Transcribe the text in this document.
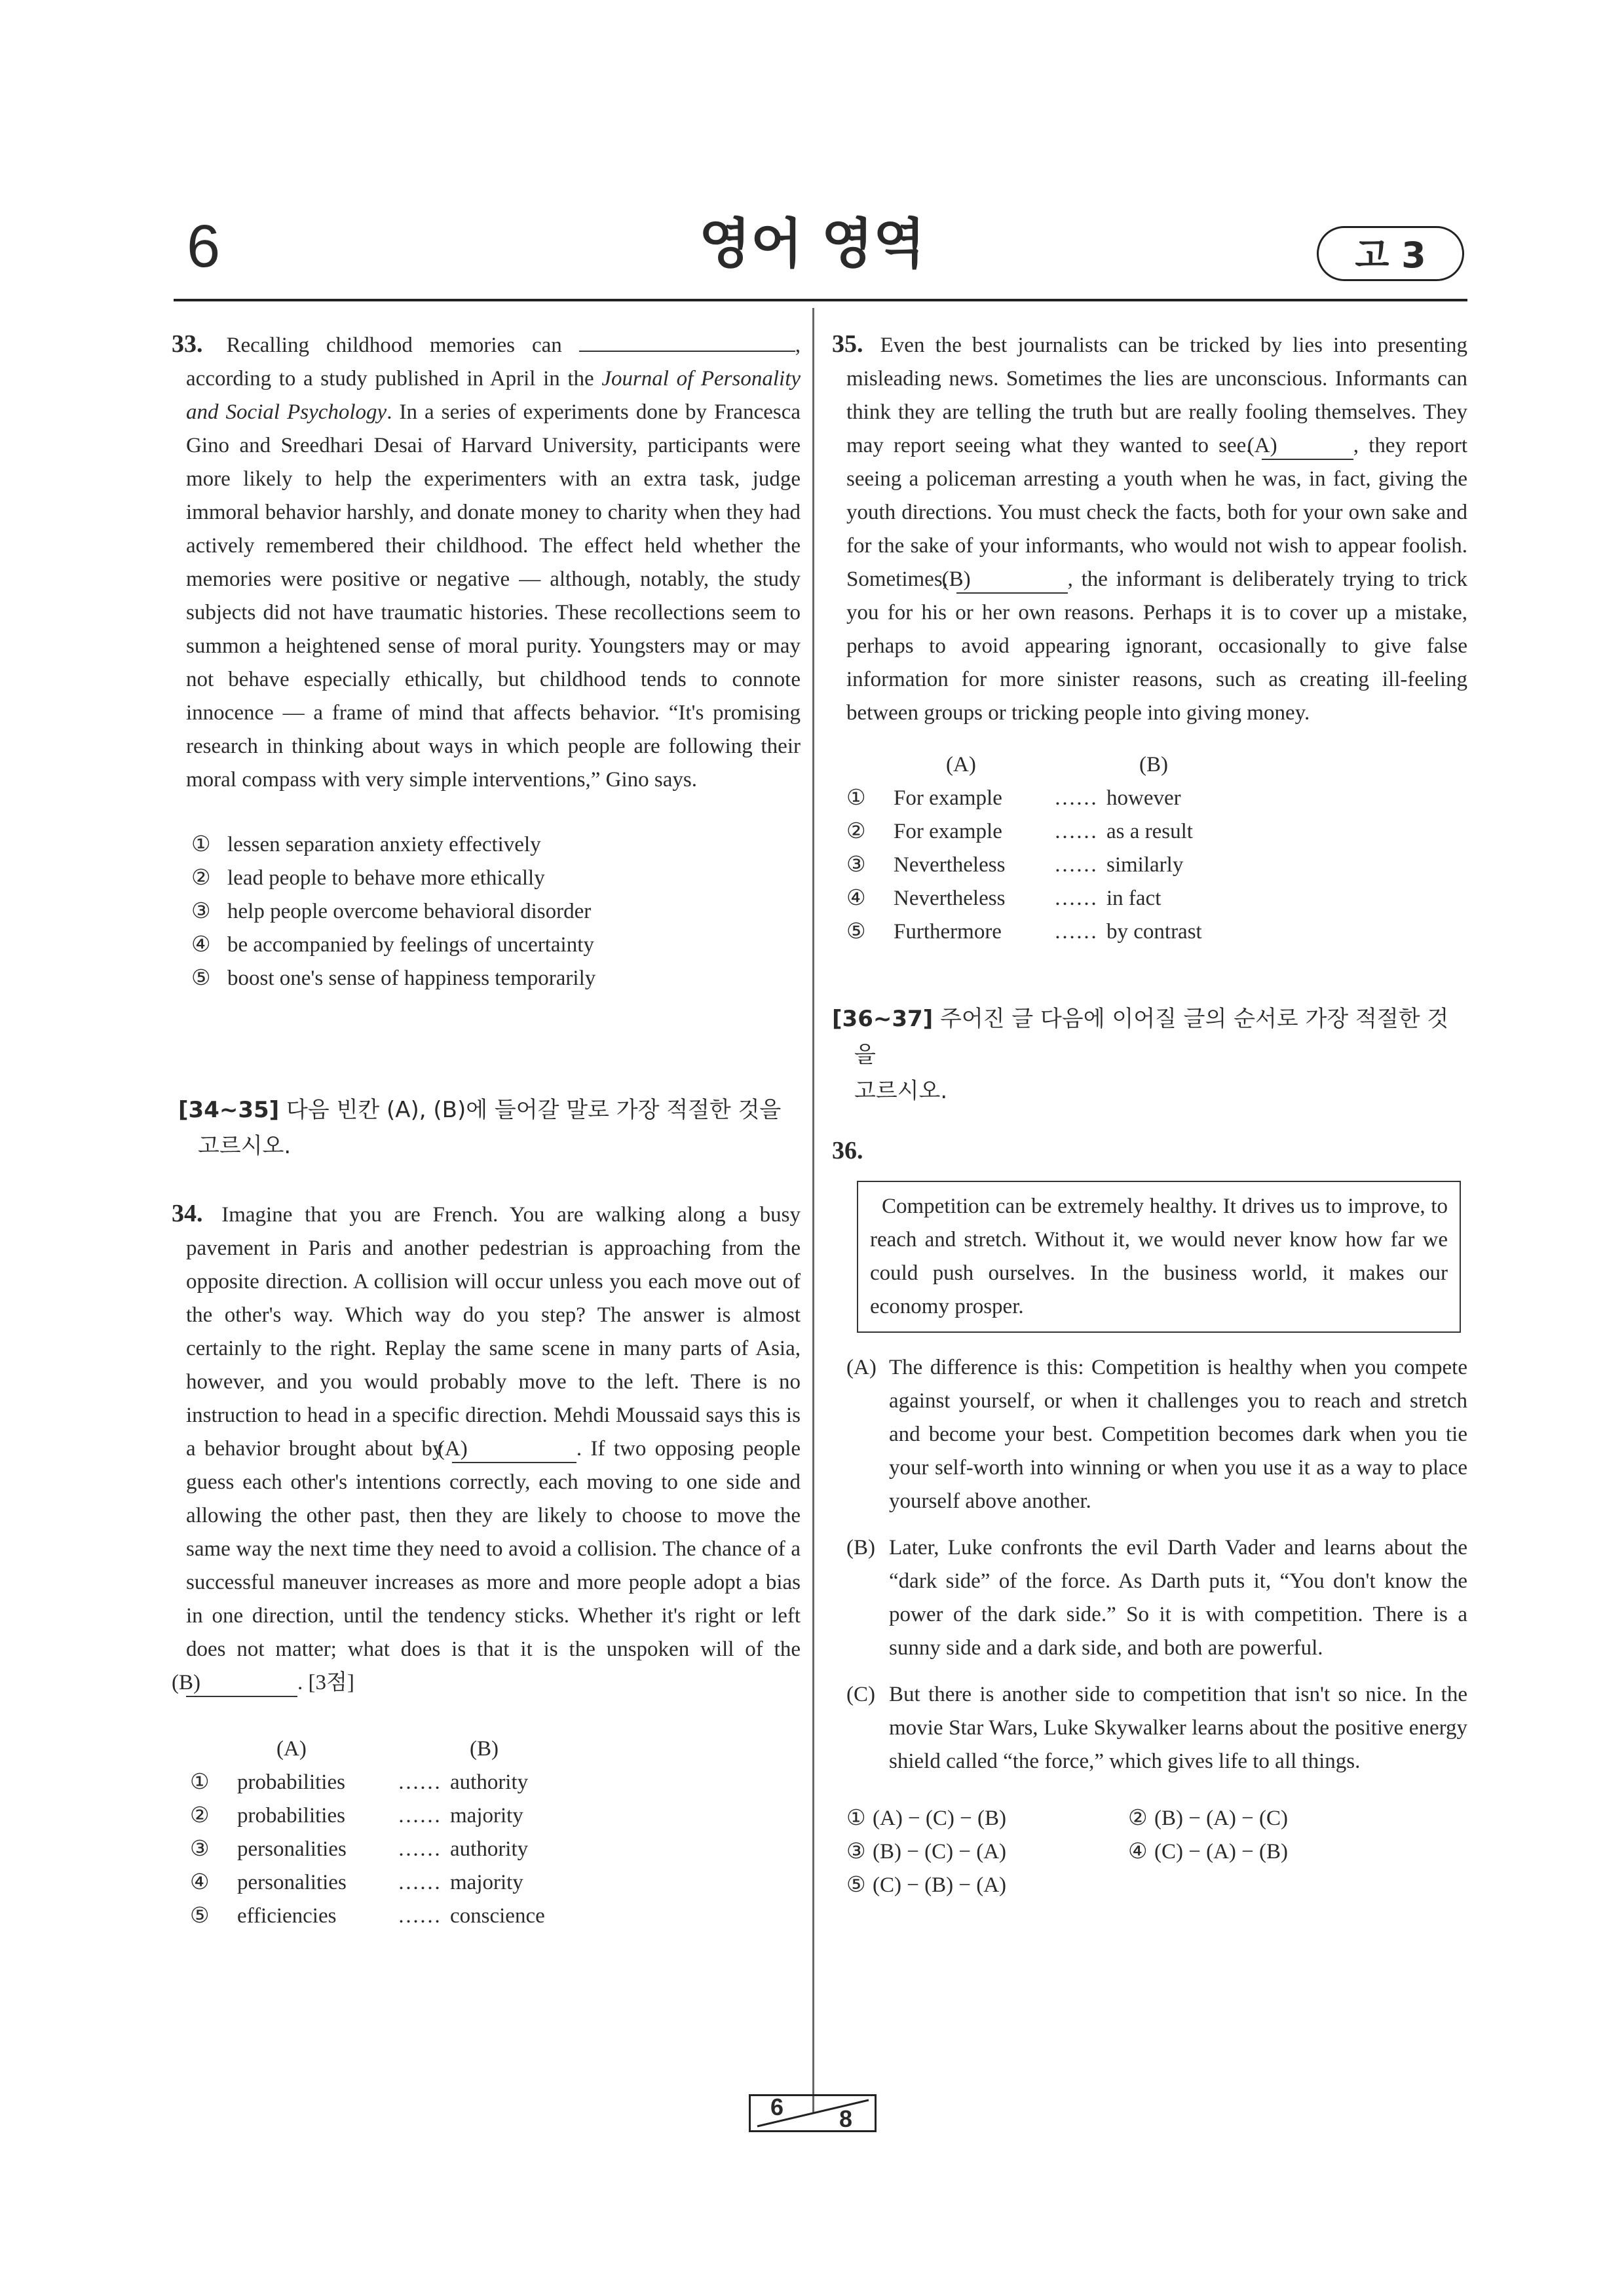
6	영어 영역	고 3
33. Recalling childhood memories can	, according to a study published in April in the Journal of Personality and Social Psychology. In a series of experiments done by Francesca Gino and Sreedhari Desai of Harvard University, participants were more likely to help the experimenters with an extra task, judge immoral behavior harshly, and donate money to charity when they had actively remembered their childhood. The effect held whether the memories were positive or negative — although, notably, the study subjects did not have traumatic histories. These recollections seem to summon a heightened sense of moral purity. Youngsters may or may not behave especially ethically, but childhood tends to connote innocence — a frame of mind that affects behavior. “It's promising research in thinking about ways in which people are following their moral compass with very simple interventions,” Gino says.
① lessen separation anxiety effectively
② lead people to behave more ethically
③ help people overcome behavioral disorder
④ be accompanied by feelings of uncertainty
⑤ boost one's sense of happiness temporarily
[34~35] 다음 빈칸 (A), (B)에 들어갈 말로 가장 적절한 것을
고르시오.
34. Imagine that you are French. You are walking along a busy pavement in Paris and another pedestrian is approaching from the opposite direction. A collision will occur unless you each move out of the other's way. Which way do you step? The answer is almost certainly to the right. Replay the same scene in many parts of Asia, however, and you would probably move to the left. There is no instruction to head in a specific direction. Mehdi Moussaid says this is a behavior brought about by (A)	. If two opposing people guess each other's intentions correctly, each moving to one side and allowing the other past, then they are likely to choose to move the same way the next time they need to avoid a collision. The chance of a successful maneuver increases as more and more people adopt a bias in one direction, until the tendency sticks. Whether it's right or left does not matter; what does is that it is the unspoken will of the (B)	. [3점]
(A)	(B)
①	probabilities	…… authority
②	probabilities	…… majority
③	personalities	…… authority
④	personalities	…… majority
⑤	efficiencies	…… conscience
35. Even the best journalists can be tricked by lies into presenting misleading news. Sometimes the lies are unconscious. Informants can think they are telling the truth but are really fooling themselves. They may report seeing what they wanted to see. (A)	, they report seeing a policeman arresting a youth when he was, in fact, giving the youth directions. You must check the facts, both for your own sake and for the sake of your informants, who would not wish to appear foolish. Sometimes, (B)	, the informant is deliberately trying to trick you for his or her own reasons. Perhaps it is to cover up a mistake, perhaps to avoid appearing ignorant, occasionally to give false information for more sinister reasons, such as creating ill-feeling between groups or tricking people into giving money.
(A)	(B)
①	For example	…… however
②	For example	…… as a result
③	Nevertheless	…… similarly
④	Nevertheless	…… in fact
⑤	Furthermore	…… by contrast
[36~37] 주어진 글 다음에 이어질 글의 순서로 가장 적절한 것을
고르시오.
36.
Competition can be extremely healthy. It drives us to improve, to reach and stretch. Without it, we would never know how far we could push ourselves. In the business world, it makes our economy prosper.
(A) The difference is this: Competition is healthy when you compete against yourself, or when it challenges you to reach and stretch and become your best. Competition becomes dark when you tie your self-worth into winning or when you use it as a way to place yourself above another.
(B) Later, Luke confronts the evil Darth Vader and learns about the “dark side” of the force. As Darth puts it, “You don't know the power of the dark side.” So it is with competition. There is a sunny side and a dark side, and both are powerful.
(C) But there is another side to competition that isn't so nice. In the movie Star Wars, Luke Skywalker learns about the positive energy shield called “the force,” which gives life to all things.
① (A) − (C) − (B)	② (B) − (A) − (C)
③ (B) − (C) − (A)	④ (C) − (A) − (B)
⑤ (C) − (B) − (A)
6 8
